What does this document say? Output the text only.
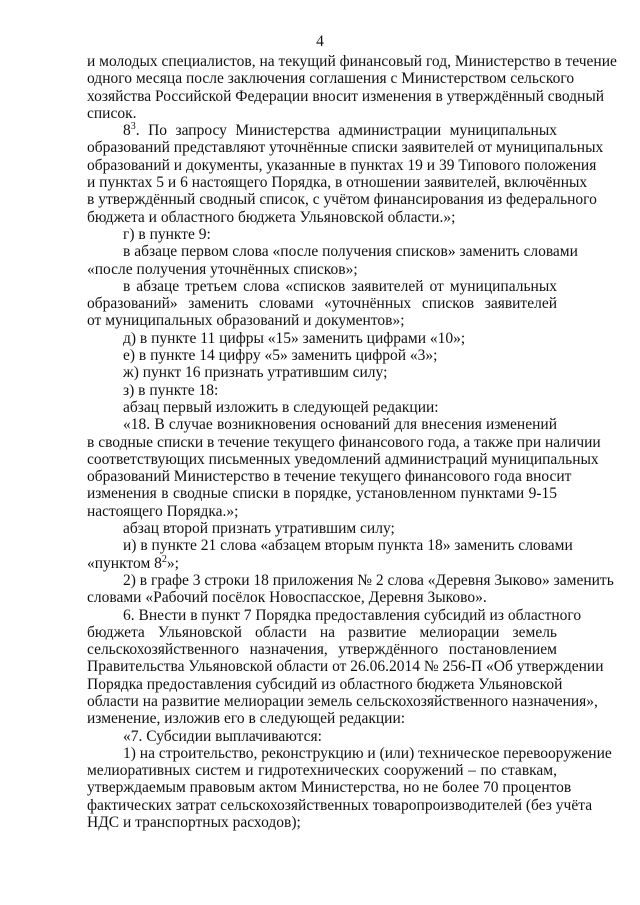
4
и молодых специалистов, на текущий финансовый год, Министерство в течение
одного месяца после заключения соглашения с Министерством сельского
хозяйства Российской Федерации вносит изменения в утверждённый сводный
список.
$8^3$. По запросу Министерства администрации муниципальных
образований представляют уточнённые списки заявителей от муниципальных
образований и документы, указанные в пунктах 19 и 39 Типового положения
и пунктах 5 и 6 настоящего Порядка, в отношении заявителей, включённых
в утверждённый сводный список, с учётом финансирования из федерального
бюджета и областного бюджета Ульяновской области.»;
г) в пункте 9:
в абзаце первом слова «после получения списков» заменить словами
«после получения уточнённых списков»;
в абзаце третьем слова «списков заявителей от муниципальных
образований» заменить словами «уточнённых списков заявителей
от муниципальных образований и документов»;
д) в пункте 11 цифры «15» заменить цифрами «10»;
е) в пункте 14 цифру «5» заменить цифрой «3»;
ж) пункт 16 признать утратившим силу;
з) в пункте 18:
абзац первый изложить в следующей редакции:
«18. В случае возникновения оснований для внесения изменений
в сводные списки в течение текущего финансового года, а также при наличии
соответствующих письменных уведомлений администраций муниципальных
образований Министерство в течение текущего финансового года вносит
изменения в сводные списки в порядке, установленном пунктами 9-15
настоящего Порядка.»;
абзац второй признать утратившим силу;
и) в пункте 21 слова «абзацем вторым пункта 18» заменить словами
«пунктом $8^2$»;
2) в графе 3 строки 18 приложения № 2 слова «Деревня Зыково» заменить
словами «Рабочий посёлок Новоспасское, Деревня Зыково».
6. Внести в пункт 7 Порядка предоставления субсидий из областного
бюджета Ульяновской области на развитие мелиорации земель
сельскохозяйственного назначения, утверждённого постановлением
Правительства Ульяновской области от 26.06.2014 № 256-П «Об утверждении
Порядка предоставления субсидий из областного бюджета Ульяновской
области на развитие мелиорации земель сельскохозяйственного назначения»,
изменение, изложив его в следующей редакции:
«7. Субсидии выплачиваются:
1) на строительство, реконструкцию и (или) техническое перевооружение
мелиоративных систем и гидротехнических сооружений – по ставкам,
утверждаемым правовым актом Министерства, но не более 70 процентов
фактических затрат сельскохозяйственных товаропроизводителей (без учёта
НДС и транспортных расходов);
